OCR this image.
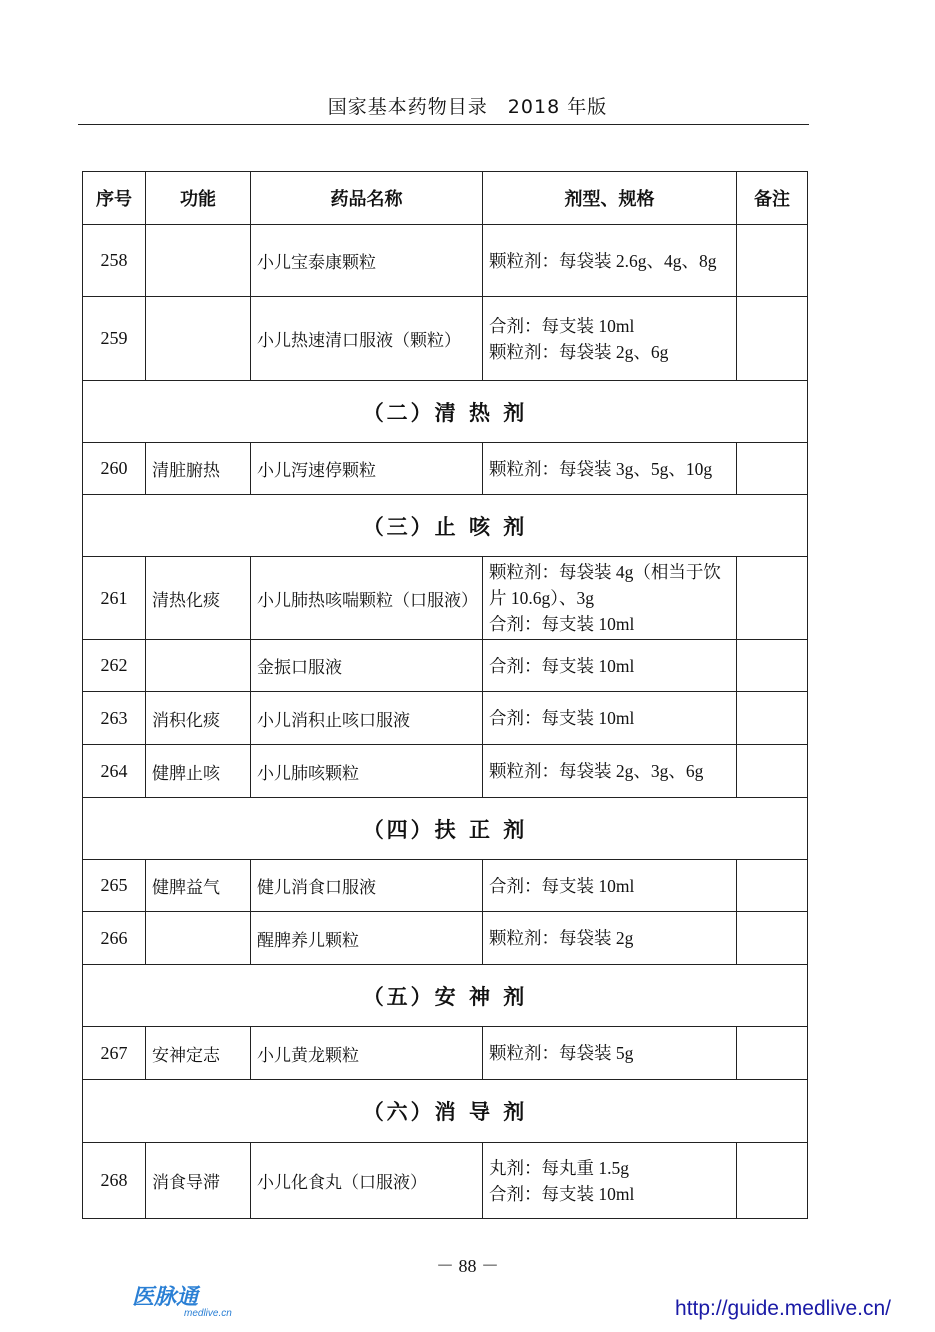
国家基本药物目录　2018 年版
序号	功能	药品名称	剂型、规格	备注
258		小儿宝泰康颗粒	颗粒剂：每袋装 2.6g、4g、8g	

259		小儿热速清口服液（颗粒）	合剂：每支装 10ml
颗粒剂：每袋装 2g、6g	

（二）清 热 剂				
260	清脏腑热	小儿泻速停颗粒	颗粒剂：每袋装 3g、5g、10g	

（三）止 咳 剂				
261	清热化痰	小儿肺热咳喘颗粒（口服液）	颗粒剂：每袋装 4g（相当于饮片 10.6g）、3g
合剂：每支装 10ml	

262		金振口服液	合剂：每支装 10ml	

263	消积化痰	小儿消积止咳口服液	合剂：每支装 10ml	

264	健脾止咳	小儿肺咳颗粒	颗粒剂：每袋装 2g、3g、6g	

（四）扶 正 剂				
265	健脾益气	健儿消食口服液	合剂：每支装 10ml	

266		醒脾养儿颗粒	颗粒剂：每袋装 2g	

（五）安 神 剂				
267	安神定志	小儿黄龙颗粒	颗粒剂：每袋装 5g	

（六）消 导 剂				
268	消食导滞	小儿化食丸（口服液）	丸剂：每丸重 1.5g
合剂：每支装 10ml	

－ 88 －
医脉通
medlive.cn	http://guide.medlive.cn/
